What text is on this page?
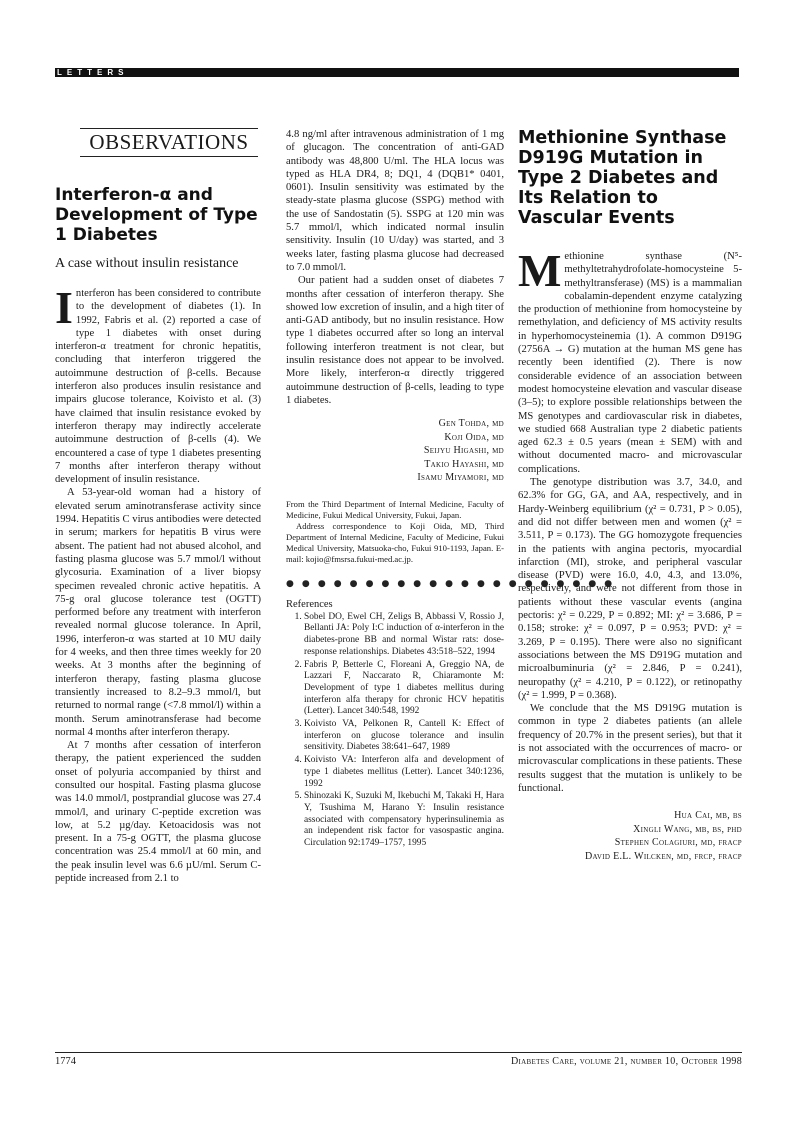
LETTERS
OBSERVATIONS
Interferon-α and Development of Type 1 Diabetes
A case without insulin resistance

Interferon has been considered to contribute to the development of diabetes (1). In 1992, Fabris et al. (2) reported a case of type 1 diabetes with onset during interferon-α treatment for chronic hepatitis, concluding that interferon triggered the autoimmune destruction of β-cells. Because interferon also produces insulin resistance and impairs glucose tolerance, Koivisto et al. (3) have claimed that insulin resistance evoked by interferon therapy may indirectly accelerate autoimmune destruction of β-cells (4). We encountered a case of type 1 diabetes presenting 7 months after interferon therapy without development of insulin resistance.

A 53-year-old woman had a history of elevated serum aminotransferase activity since 1994. Hepatitis C virus antibodies were detected in serum; markers for hepatitis B virus were absent. The patient had not abused alcohol, and fasting plasma glucose was 5.7 mmol/l without glycosuria. Examination of a liver biopsy specimen revealed chronic active hepatitis. A 75-g oral glucose tolerance test (OGTT) performed before any treatment with interferon revealed normal glucose tolerance. In April, 1996, interferon-α was started at 10 MU daily for 4 weeks, and then three times weekly for 20 weeks. At 3 months after the beginning of interferon therapy, fasting plasma glucose transiently increased to 8.2–9.3 mmol/l, but returned to normal range (<7.8 mmol/l) within a month. Serum aminotransferase had become normal 4 months after interferon therapy.

At 7 months after cessation of interferon therapy, the patient experienced the sudden onset of polyuria accompanied by thirst and consulted our hospital. Fasting plasma glucose was 14.0 mmol/l, postprandial glucose was 27.4 mmol/l, and urinary C-peptide excretion was low, at 5.2 µg/day. Ketoacidosis was not present. In a 75-g OGTT, the plasma glucose concentration was 25.4 mmol/l at 60 min, and the peak insulin level was 6.6 µU/ml. Serum C-peptide increased from 2.1 to

4.8 ng/ml after intravenous administration of 1 mg of glucagon. The concentration of anti-GAD antibody was 48,800 U/ml. The HLA locus was typed as HLA DR4, 8; DQ1, 4 (DQB1* 0401, 0601). Insulin sensitivity was estimated by the steady-state plasma glucose (SSPG) method with the use of Sandostatin (5). SSPG at 120 min was 5.7 mmol/l, which indicated normal insulin sensitivity. Insulin (10 U/day) was started, and 3 weeks later, fasting plasma glucose had decreased to 7.0 mmol/l.

Our patient had a sudden onset of diabetes 7 months after cessation of interferon therapy. She showed low excretion of insulin, and a high titer of anti-GAD antibody, but no insulin resistance. How type 1 diabetes occurred after so long an interval following interferon treatment is not clear, but insulin resistance does not appear to be involved. More likely, interferon-α directly triggered autoimmune destruction of β-cells, leading to type 1 diabetes.

Gen Tohda, md
Koji Oida, md
Seijyu Higashi, md
Takio Hayashi, md
Isamu Miyamori, md

From the Third Department of Internal Medicine, Faculty of Medicine, Fukui Medical University, Fukui, Japan.

Address correspondence to Koji Oida, MD, Third Department of Internal Medicine, Faculty of Medicine, Fukui Medical University, Matsuoka-cho, Fukui 910-1193, Japan. E-mail: kojio@fmsrsa.fukui-med.ac.jp.

● ● ● ● ● ● ● ● ● ● ● ● ● ● ● ● ● ● ● ● ●
References
1. Sobel DO, Ewel CH, Zeligs B, Abbassi V, Rossio J, Bellanti JA: Poly I:C induction of α-interferon in the diabetes-prone BB and normal Wistar rats: dose-response relationships. Diabetes 43:518–522, 1994
2. Fabris P, Betterle C, Floreani A, Greggio NA, de Lazzari F, Naccarato R, Chiaramonte M: Development of type 1 diabetes mellitus during interferon alfa therapy for chronic HCV hepatitis (Letter). Lancet 340:548, 1992
3. Koivisto VA, Pelkonen R, Cantell K: Effect of interferon on glucose tolerance and insulin sensitivity. Diabetes 38:641–647, 1989
4. Koivisto VA: Interferon alfa and development of type 1 diabetes mellitus (Letter). Lancet 340:1236, 1992
5. Shinozaki K, Suzuki M, Ikebuchi M, Takaki H, Hara Y, Tsushima M, Harano Y: Insulin resistance associated with compensatory hyperinsulinemia as an independent risk factor for vasospastic angina. Circulation 92:1749–1757, 1995
Methionine Synthase D919G Mutation in Type 2 Diabetes and Its Relation to Vascular Events

Methionine synthase (N⁵-methyltetrahydrofolate-homocysteine 5-methyltransferase) (MS) is a mammalian cobalamin-dependent enzyme catalyzing the production of methionine from homocysteine by remethylation, and deficiency of MS activity results in hyperhomocysteinemia (1). A common D919G (2756A → G) mutation at the human MS gene has recently been identified (2). There is now considerable evidence of an association between modest homocysteine elevation and vascular disease (3–5); to explore possible relationships between the MS genotypes and cardiovascular risk in diabetes, we studied 668 Australian type 2 diabetic patients aged 62.3 ± 0.5 years (mean ± SEM) with and without documented macro- and microvascular complications.

The genotype distribution was 3.7, 34.0, and 62.3% for GG, GA, and AA, respectively, and in Hardy-Weinberg equilibrium (χ² = 0.731, P > 0.05), and did not differ between men and women (χ² = 3.511, P = 0.173). The GG homozygote frequencies in the patients with angina pectoris, myocardial infarction (MI), stroke, and peripheral vascular disease (PVD) were 16.0, 4.0, 4.3, and 13.0%, respectively, and were not different from those in patients without these vascular events (angina pectoris: χ² = 0.229, P = 0.892; MI: χ² = 3.686, P = 0.158; stroke: χ² = 0.097, P = 0.953; PVD: χ² = 3.269, P = 0.195). There were also no significant associations between the MS D919G mutation and microalbuminuria (χ² = 2.846, P = 0.241), neuropathy (χ² = 4.210, P = 0.122), or retinopathy (χ² = 1.999, P = 0.368).

We conclude that the MS D919G mutation is common in type 2 diabetes patients (an allele frequency of 20.7% in the present series), but that it is not associated with the occurrences of macro- or microvascular complications in these patients. These results suggest that the mutation is unlikely to be functional.

Hua Cai, mb, bs
Xingli Wang, mb, bs, phd
Stephen Colagiuri, md, fracp
David E.L. Wilcken, md, frcp, fracp
1774	Diabetes Care, volume 21, number 10, October 1998
